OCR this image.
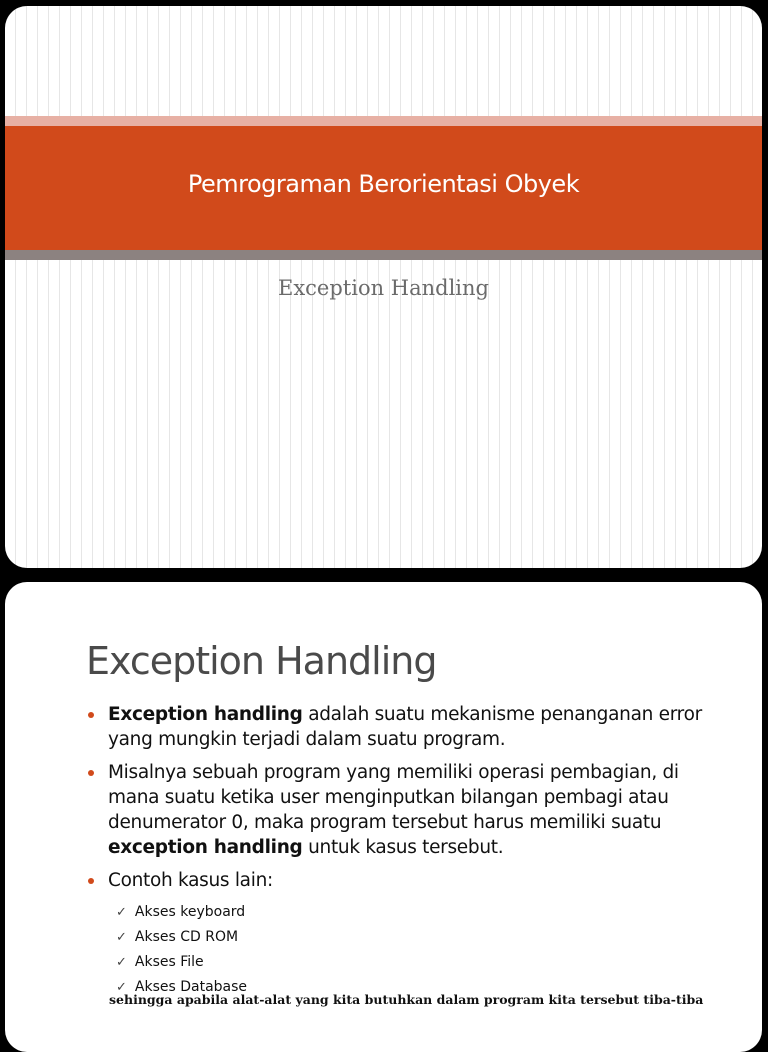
Pemrograman Berorientasi Obyek
Exception Handling
Exception Handling
Exception handling adalah suatu mekanisme penanganan error yang mungkin terjadi dalam suatu program.
Misalnya sebuah program yang memiliki operasi pembagian, di mana suatu ketika user menginputkan bilangan pembagi atau denumerator 0, maka program tersebut harus memiliki suatu exception handling untuk kasus tersebut.
Contoh kasus lain:
✓ Akses keyboard
✓ Akses CD ROM
✓ Akses File
✓ Akses Database
sehingga apabila alat-alat yang kita butuhkan dalam program kita tersebut tiba-tiba
